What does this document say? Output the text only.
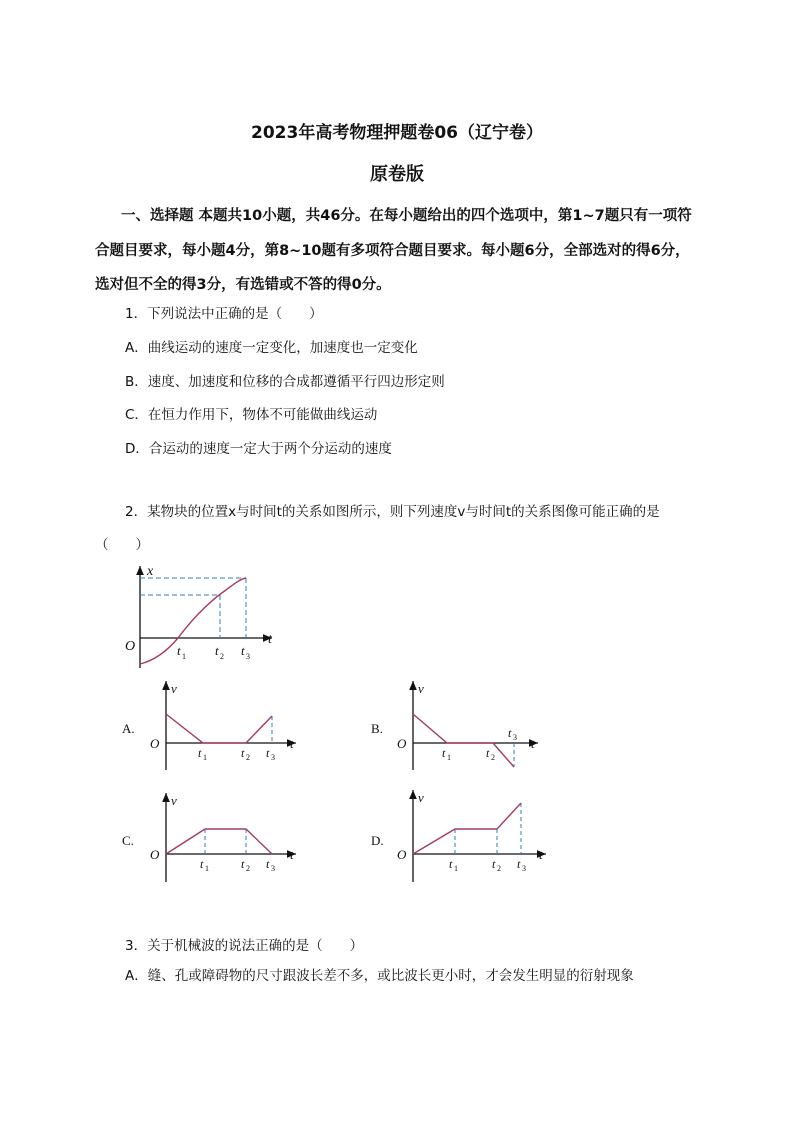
2023年高考物理押题卷06（辽宁卷）
原卷版
一、选择题 本题共10小题，共46分。在每小题给出的四个选项中，第1~7题只有一项符合题目要求，每小题4分，第8~10题有多项符合题目要求。每小题6分，全部选对的得6分，选对但不全的得3分，有选错或不答的得0分。
1．下列说法中正确的是（　　）
A．曲线运动的速度一定变化，加速度也一定变化
B．速度、加速度和位移的合成都遵循平行四边形定则
C．在恒力作用下，物体不可能做曲线运动
D．合运动的速度一定大于两个分运动的速度
2．某物块的位置x与时间t的关系如图所示，则下列速度v与时间t的关系图像可能正确的是（　　）
x
t
O	t 1 t 2 t 3
A.
v
O	t
t 1	t 2 t 3
B.
v
O	t
t 1	t 2
t 3
C.
v
O	t
t 1	t 2 t 3
D.
v
O	t
t 1	t 2 t 3
3．关于机械波的说法正确的是（　　）
A．缝、孔或障碍物的尺寸跟波长差不多，或比波长更小时，才会发生明显的衍射现象
